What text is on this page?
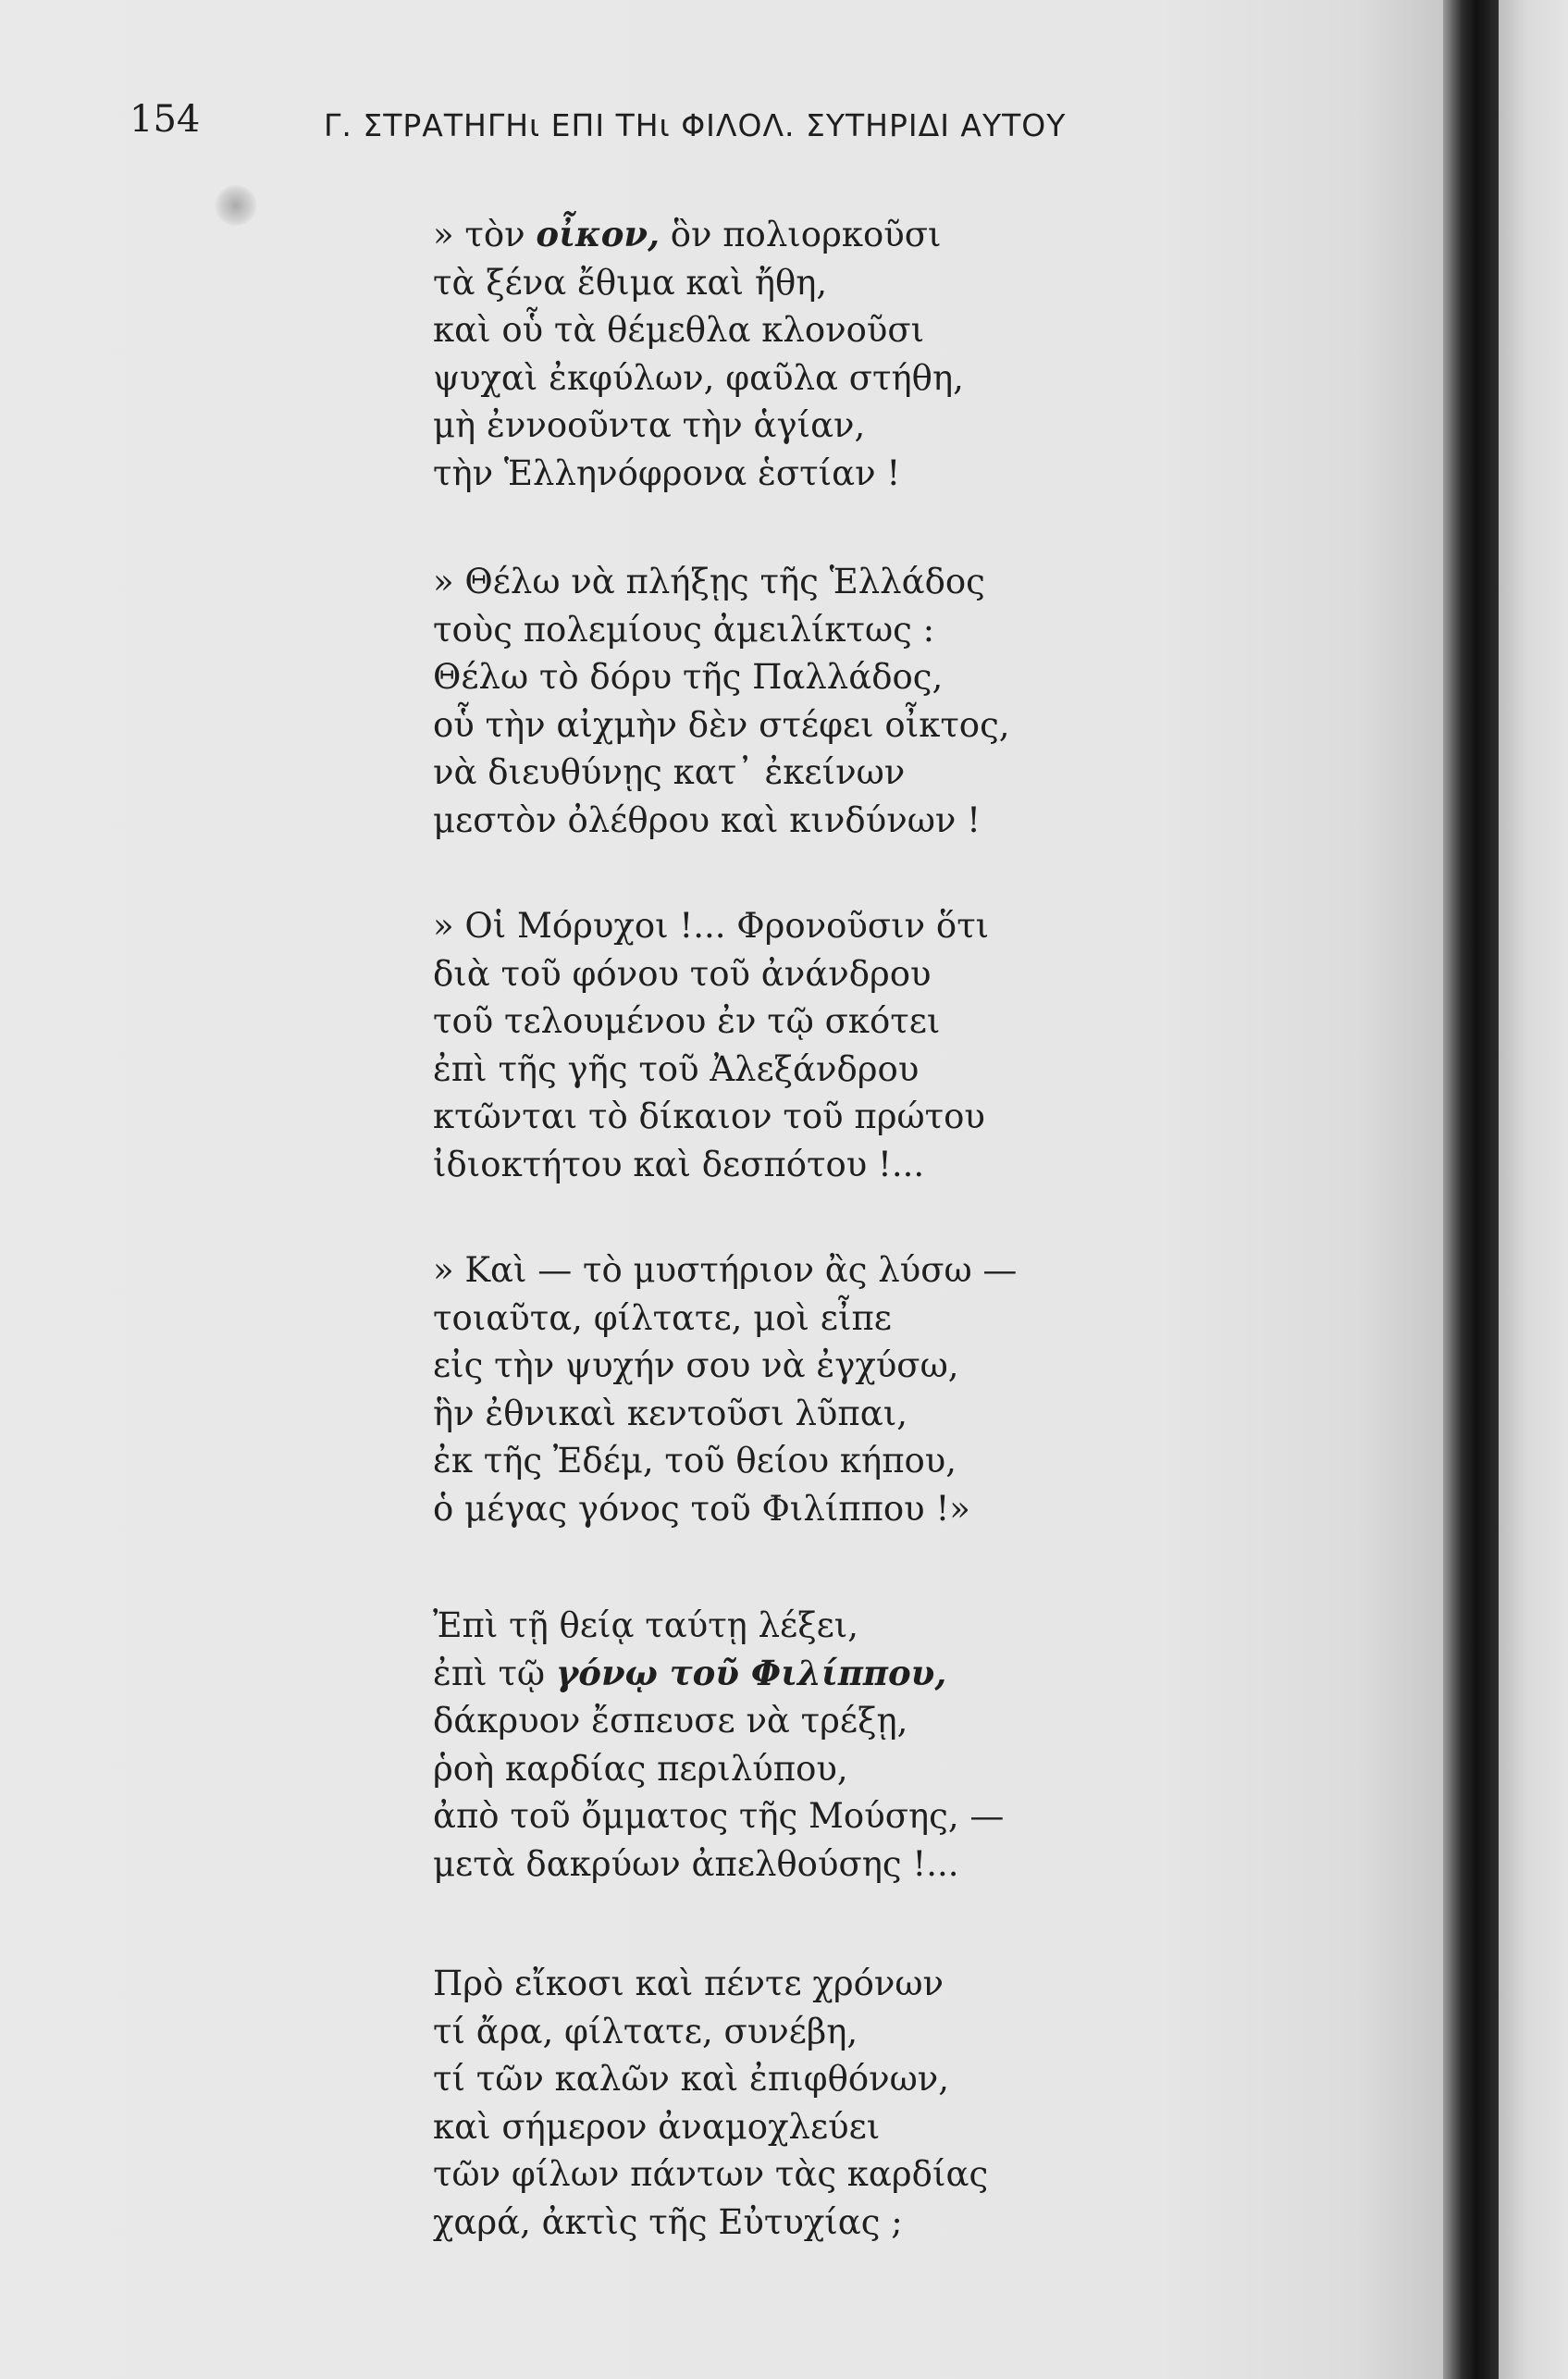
154	Γ. ΣΤΡΑΤΗΓΗι ΕΠΙ ΤΗι ΦΙΛΟΛ. ΣΥΤΗΡΙΔΙ ΑΥΤΟΥ
» τὸν οἶκον, ὃν πολιορκοῦσι
τὰ ξένα ἔθιμα καὶ ἤθη,
καὶ οὗ τὰ θέμεθλα κλονοῦσι
ψυχαὶ ἐκφύλων, φαῦλα στήθη,
μὴ ἐννοοῦντα τὴν ἁγίαν,
τὴν Ἑλληνόφρονα ἑστίαν !
» Θέλω νὰ πλήξῃς τῆς Ἑλλάδος
τοὺς πολεμίους ἀμειλίκτως :
Θέλω τὸ δόρυ τῆς Παλλάδος,
οὗ τὴν αἰχμὴν δὲν στέφει οἶκτος,
νὰ διευθύνῃς κατ᾽ ἐκείνων
μεστὸν ὀλέθρου καὶ κινδύνων !
» Οἱ Μόρυχοι !... Φρονοῦσιν ὅτι
διὰ τοῦ φόνου τοῦ ἀνάνδρου
τοῦ τελουμένου ἐν τῷ σκότει
ἐπὶ τῆς γῆς τοῦ Ἀλεξάνδρου
κτῶνται τὸ δίκαιον τοῦ πρώτου
ἰδιοκτήτου καὶ δεσπότου !...
» Καὶ — τὸ μυστήριον ἂς λύσω —
τοιαῦτα, φίλτατε, μοὶ εἶπε
εἰς τὴν ψυχήν σου νὰ ἐγχύσω,
ἣν ἐθνικαὶ κεντοῦσι λῦπαι,
ἐκ τῆς Ἐδέμ, τοῦ θείου κήπου,
ὁ μέγας γόνος τοῦ Φιλίππου !»
Ἐπὶ τῇ θείᾳ ταύτῃ λέξει,
ἐπὶ τῷ γόνῳ τοῦ Φιλίππου,
δάκρυον ἔσπευσε νὰ τρέξῃ,
ῥοὴ καρδίας περιλύπου,
ἀπὸ τοῦ ὄμματος τῆς Μούσης, —
μετὰ δακρύων ἀπελθούσης !...
Πρὸ εἴκοσι καὶ πέντε χρόνων
τί ἄρα, φίλτατε, συνέβη,
τί τῶν καλῶν καὶ ἐπιφθόνων,
καὶ σήμερον ἀναμοχλεύει
τῶν φίλων πάντων τὰς καρδίας
χαρά, ἀκτὶς τῆς Εὐτυχίας ;
